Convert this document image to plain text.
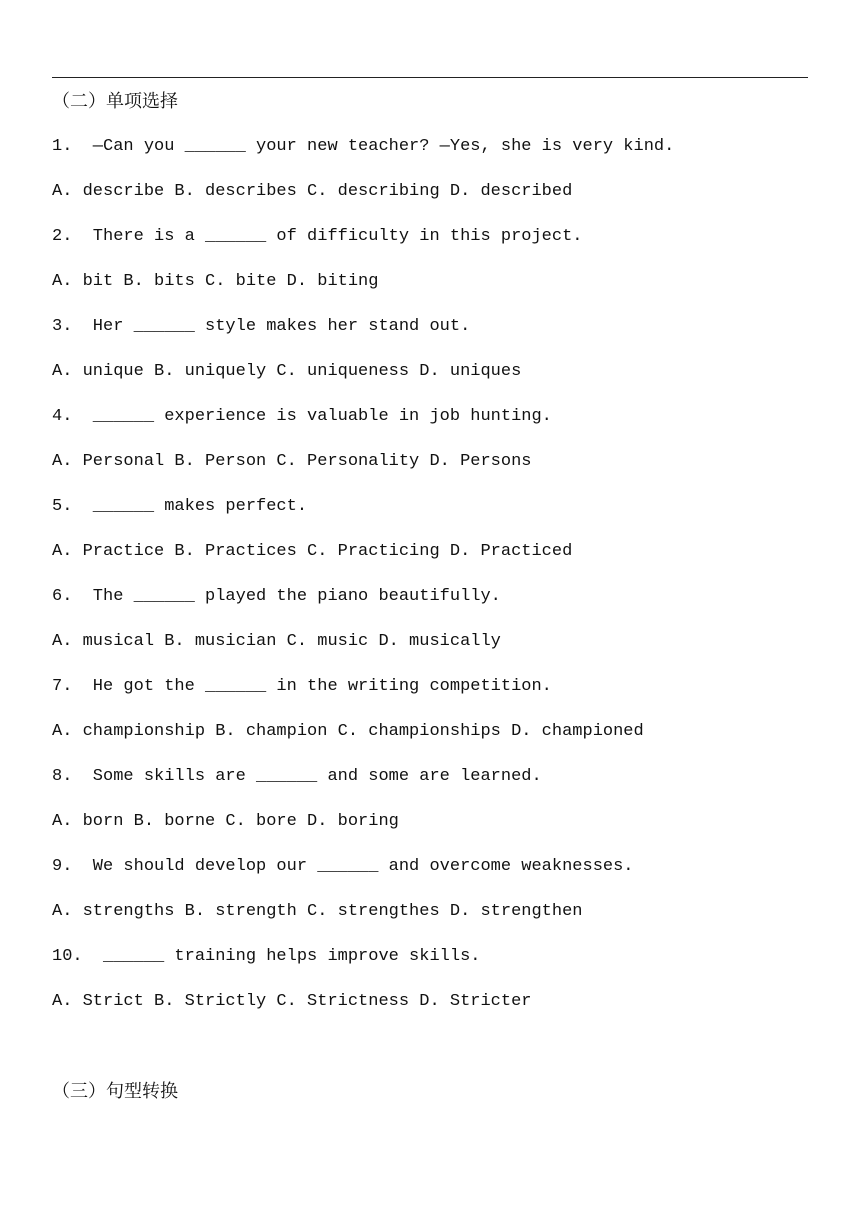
（二）单项选择
1.  —Can you ______ your new teacher? —Yes, she is very kind.
A. describe B. describes C. describing D. described
2.  There is a ______ of difficulty in this project.
A. bit B. bits C. bite D. biting
3.  Her ______ style makes her stand out.
A. unique B. uniquely C. uniqueness D. uniques
4.  ______ experience is valuable in job hunting.
A. Personal B. Person C. Personality D. Persons
5.  ______ makes perfect.
A. Practice B. Practices C. Practicing D. Practiced
6.  The ______ played the piano beautifully.
A. musical B. musician C. music D. musically
7.  He got the ______ in the writing competition.
A. championship B. champion C. championships D. championed
8.  Some skills are ______ and some are learned.
A. born B. borne C. bore D. boring
9.  We should develop our ______ and overcome weaknesses.
A. strengths B. strength C. strengthes D. strengthen
10.  ______ training helps improve skills.
A. Strict B. Strictly C. Strictness D. Stricter
（三）句型转换
